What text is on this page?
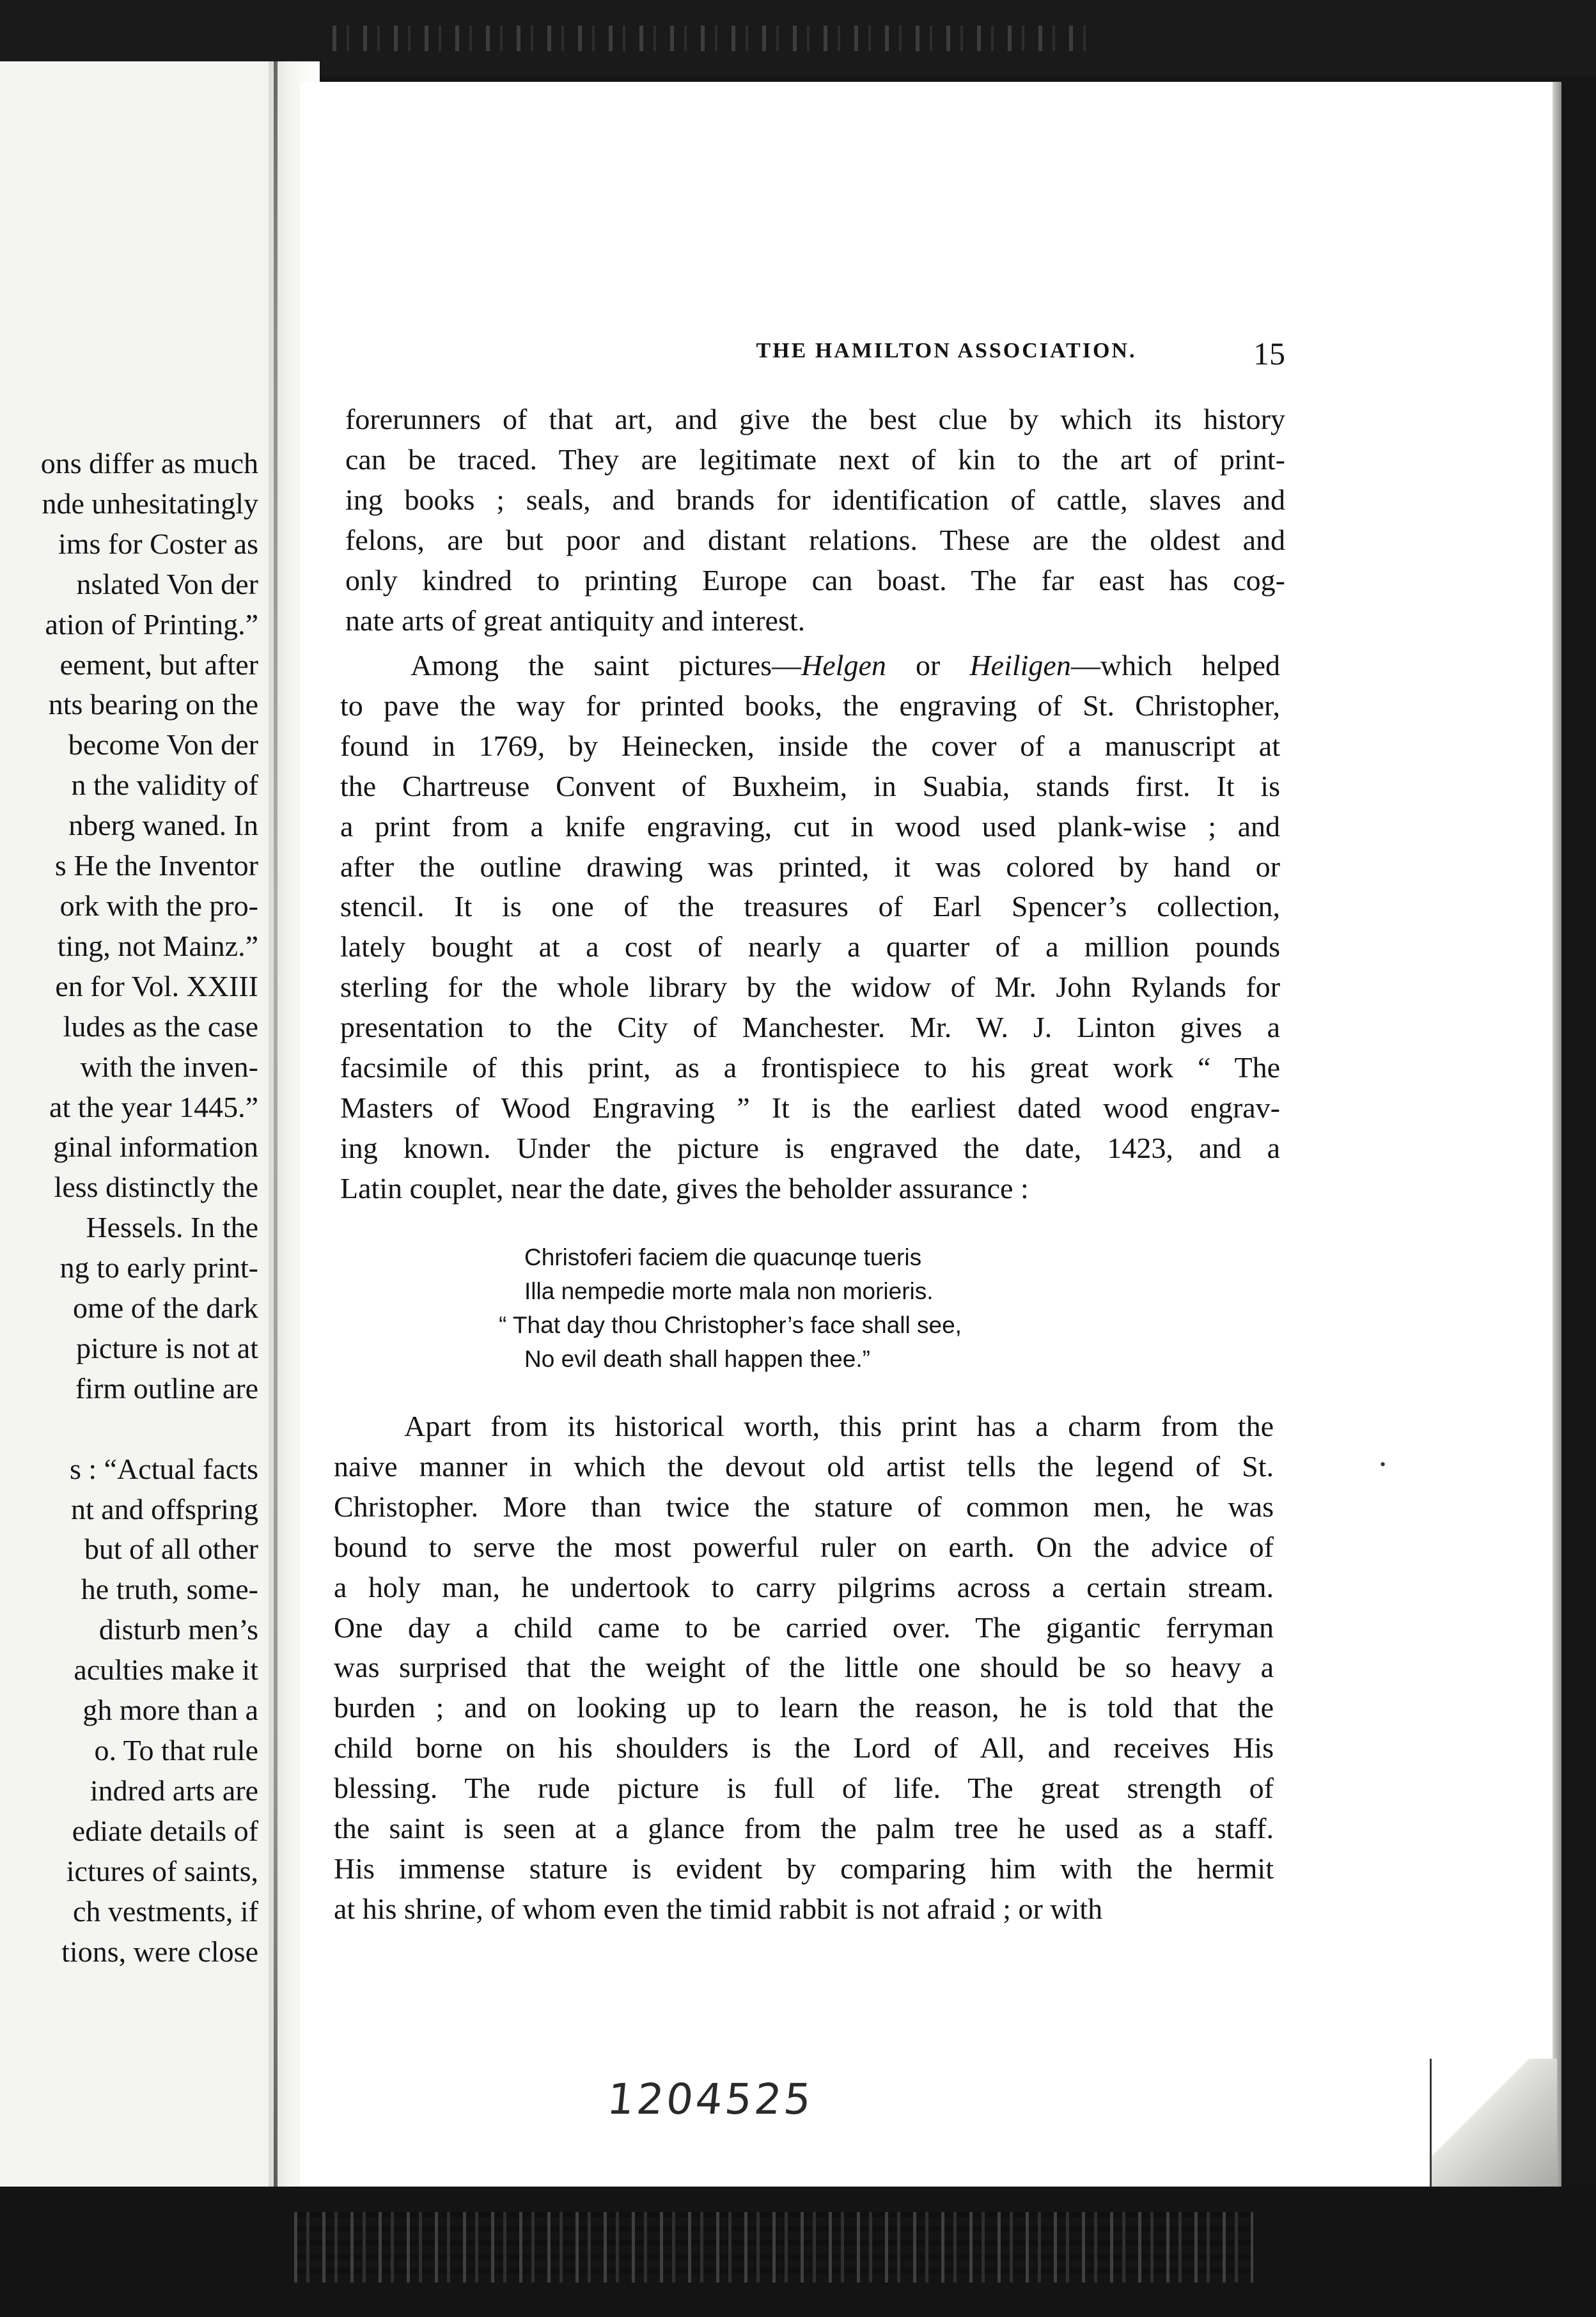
ons differ as much
nde unhesitatingly
ims for Coster as
nslated Von der
ation of Printing.”
eement, but after
nts bearing on the
become Von der
n the validity of
nberg waned. In
s He the Inventor
ork with the pro-
ting, not Mainz.”
en for Vol. XXIII
ludes as the case
with the inven-
at the year 1445.”
ginal information
less distinctly the
Hessels. In the
ng to early print-
ome of the dark
picture is not at
firm outline are
s : “Actual facts
nt and offspring
but of all other
he truth, some-
disturb men’s
aculties make it
gh more than a
o. To that rule
indred arts are
ediate details of
ictures of saints,
ch vestments, if
tions, were close
THE HAMILTON ASSOCIATION.	15
forerunners of that art, and give the best clue by which its history
can be traced. They are legitimate next of kin to the art of print-
ing books ; seals, and brands for identification of cattle, slaves and
felons, are but poor and distant relations. These are the oldest and
only kindred to printing Europe can boast. The far east has cog-
nate arts of great antiquity and interest.
Among the saint pictures—Helgen or Heiligen—which helped
to pave the way for printed books, the engraving of St. Christopher,
found in 1769, by Heinecken, inside the cover of a manuscript at
the Chartreuse Convent of Buxheim, in Suabia, stands first. It is
a print from a knife engraving, cut in wood used plank-wise ; and
after the outline drawing was printed, it was colored by hand or
stencil. It is one of the treasures of Earl Spencer’s collection,
lately bought at a cost of nearly a quarter of a million pounds
sterling for the whole library by the widow of Mr. John Rylands for
presentation to the City of Manchester. Mr. W. J. Linton gives a
facsimile of this print, as a frontispiece to his great work “ The
Masters of Wood Engraving ” It is the earliest dated wood engrav-
ing known. Under the picture is engraved the date, 1423, and a
Latin couplet, near the date, gives the beholder assurance :
Christoferi faciem die quacunqe tueris
Illa nempedie morte mala non morieris.
“ That day thou Christopher’s face shall see,
No evil death shall happen thee.”
Apart from its historical worth, this print has a charm from the
naive manner in which the devout old artist tells the legend of St.
Christopher. More than twice the stature of common men, he was
bound to serve the most powerful ruler on earth. On the advice of
a holy man, he undertook to carry pilgrims across a certain stream.
One day a child came to be carried over. The gigantic ferryman
was surprised that the weight of the little one should be so heavy a
burden ; and on looking up to learn the reason, he is told that the
child borne on his shoulders is the Lord of All, and receives His
blessing. The rude picture is full of life. The great strength of
the saint is seen at a glance from the palm tree he used as a staff.
His immense stature is evident by comparing him with the hermit
at his shrine, of whom even the timid rabbit is not afraid ; or with
1204525
•
